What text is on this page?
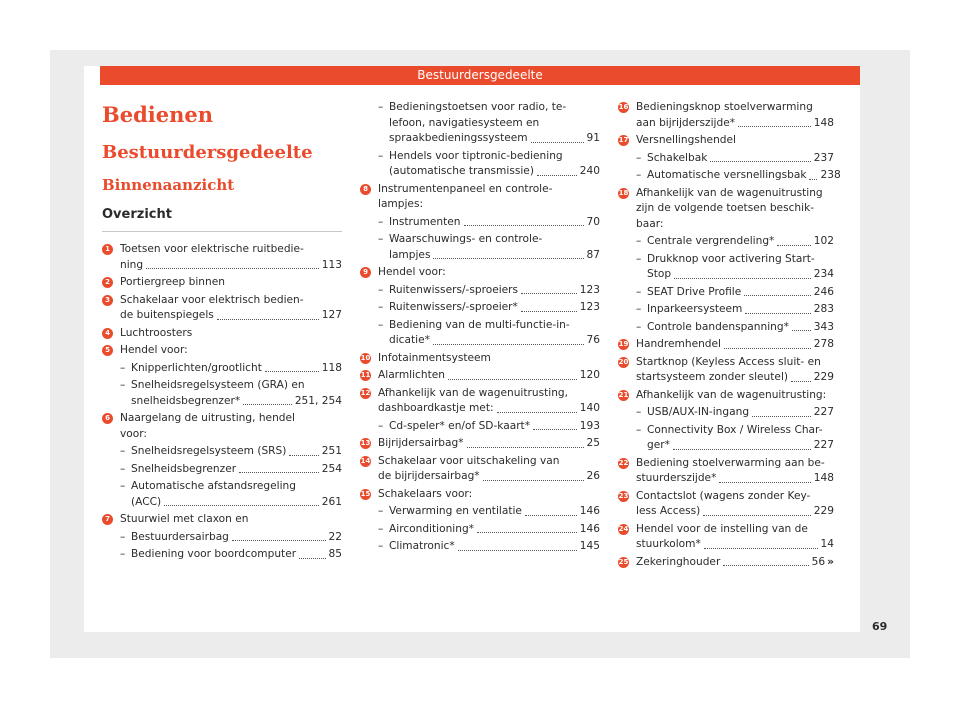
Bestuurdersgedeelte
Bedienen
Bestuurdersgedeelte
Binnenaanzicht
Overzicht
1 Toetsen voor elektrische ruitbedie-
ning	113
2 Portiergreep binnen
3 Schakelaar voor elektrisch bedien-
de buitenspiegels	127
4 Luchtroosters
5 Hendel voor:
– Knipperlichten/grootlicht	118
– Snelheidsregelsysteem (GRA) en
snelheidsbegrenzer*	251, 254
6 Naargelang de uitrusting, hendel
voor:
– Snelheidsregelsysteem (SRS)	251
– Snelheidsbegrenzer	254
– Automatische afstandsregeling
(ACC)	261
7 Stuurwiel met claxon en
– Bestuurdersairbag	22
– Bediening voor boordcomputer	85
– Bedieningstoetsen voor radio, te-
lefoon, navigatiesysteem en
spraakbedieningssysteem	91
– Hendels voor tiptronic-bediening
(automatische transmissie)	240
8 Instrumentenpaneel en controle-
lampjes:
– Instrumenten	70
– Waarschuwings- en controle-
lampjes	87
9 Hendel voor:
– Ruitenwissers/-sproeiers	123
– Ruitenwissers/-sproeier*	123
– Bediening van de multi-functie-in-
dicatie*	76
10 Infotainmentsysteem
11 Alarmlichten	120
12 Afhankelijk van de wagenuitrusting,
dashboardkastje met:	140
– Cd-speler* en/of SD-kaart*	193
13 Bijrijdersairbag*	25
14 Schakelaar voor uitschakeling van
de bijrijdersairbag*	26
15 Schakelaars voor:
– Verwarming en ventilatie	146
– Airconditioning*	146
– Climatronic*	145
16 Bedieningsknop stoelverwarming
aan bijrijderszijde*	148
17 Versnellingshendel
– Schakelbak	237
– Automatische versnellingsbak 238
18 Afhankelijk van de wagenuitrusting
zijn de volgende toetsen beschik-
baar:
– Centrale vergrendeling*	102
– Drukknop voor activering Start-
Stop	234
– SEAT Drive Profile	246
– Inparkeersysteem	283
– Controle bandenspanning* 343
19 Handremhendel	278
20 Startknop (Keyless Access sluit- en
startsysteem zonder sleutel) 229
21 Afhankelijk van de wagenuitrusting:
– USB/AUX-IN-ingang	227
– Connectivity Box / Wireless Char-
ger*	227
22 Bediening stoelverwarming aan be-
stuurderszijde*	148
23 Contactslot (wagens zonder Key-
less Access)	229
24 Hendel voor de instelling van de
stuurkolom*	14
25 Zekeringhouder	56 »
69
